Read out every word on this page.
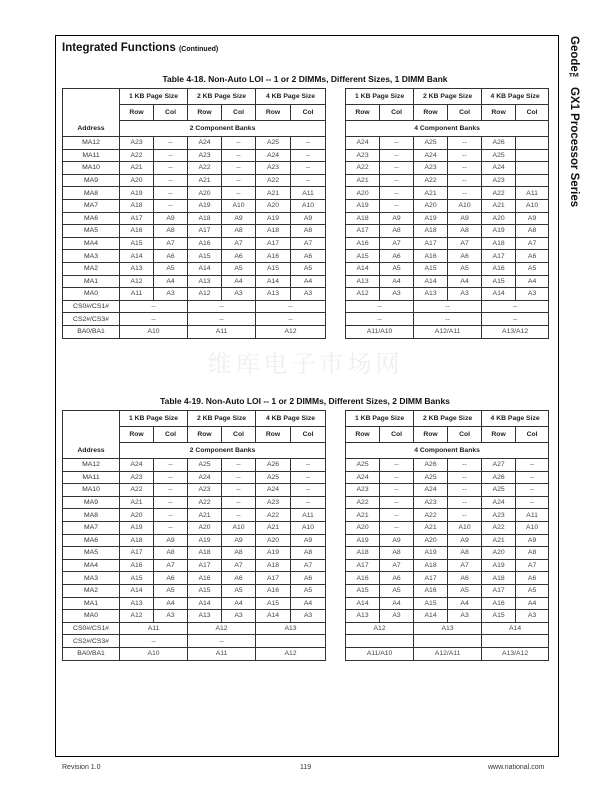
Geode™ GX1 Processor Series
Integrated Functions (Continued)
Table 4-18. Non-Auto LOI -- 1 or 2 DIMMs, Different Sizes, 1 DIMM Bank
Address	1 KB Page Size		2 KB Page Size		4 KB Page Size			1 KB Page Size		2 KB Page Size		4 KB Page Size	
	Row	Col	Row	Col	Row	Col		Row	Col	Row	Col	Row	Col
	2 Component Banks							4 Component Banks					
MA12	A23	--	A24	--	A25	--		A24	--	A25	--	A26	
MA11	A22	--	A23	--	A24	--		A23	--	A24	--	A25	
MA10	A21	--	A22	--	A23	--		A22	--	A23	--	A24	
MA9	A20	--	A21	--	A22	--		A21	--	A22	--	A23	
MA8	A19	--	A20	--	A21	A11		A20	--	A21	--	A22	A11
MA7	A18	--	A19	A10	A20	A10		A19	--	A20	A10	A21	A10
MA6	A17	A9	A18	A9	A19	A9		A18	A9	A19	A9	A20	A9
MA5	A16	A8	A17	A8	A18	A8		A17	A8	A18	A8	A19	A8
MA4	A15	A7	A16	A7	A17	A7		A16	A7	A17	A7	A18	A7
MA3	A14	A6	A15	A6	A16	A6		A15	A6	A16	A6	A17	A6
MA2	A13	A5	A14	A5	A15	A5		A14	A5	A15	A5	A16	A5
MA1	A12	A4	A13	A4	A14	A4		A13	A4	A14	A4	A15	A4
MA0	A11	A3	A12	A3	A13	A3		A12	A3	A13	A3	A14	A3
CS0#/CS1#	--		--		--			--		--		--	
CS2#/CS3#	--		--		--			--		--		--	
BA0/BA1	A10		A11		A12			A11/A10		A12/A11		A13/A12	
维库电子市场网
Table 4-19. Non-Auto LOI -- 1 or 2 DIMMs, Different Sizes, 2 DIMM Banks
Address	1 KB Page Size		2 KB Page Size		4 KB Page Size			1 KB Page Size		2 KB Page Size		4 KB Page Size	
	Row	Col	Row	Col	Row	Col		Row	Col	Row	Col	Row	Col
	2 Component Banks							4 Component Banks					
MA12	A24	--	A25	--	A26	--		A25	--	A26	--	A27	--
MA11	A23	--	A24	--	A25	--		A24	--	A25	--	A26	--
MA10	A22	--	A23	--	A24	--		A23	--	A24	--	A25	--
MA9	A21	--	A22	--	A23	--		A22	--	A23	--	A24	--
MA8	A20	--	A21	--	A22	A11		A21	--	A22	--	A23	A11
MA7	A19	--	A20	A10	A21	A10		A20	--	A21	A10	A22	A10
MA6	A18	A9	A19	A9	A20	A9		A19	A9	A20	A9	A21	A9
MA5	A17	A8	A18	A8	A19	A8		A18	A8	A19	A8	A20	A8
MA4	A16	A7	A17	A7	A18	A7		A17	A7	A18	A7	A19	A7
MA3	A15	A6	A16	A6	A17	A6		A16	A6	A17	A6	A18	A6
MA2	A14	A5	A15	A5	A16	A5		A15	A5	A16	A5	A17	A5
MA1	A13	A4	A14	A4	A15	A4		A14	A4	A15	A4	A16	A4
MA0	A12	A3	A13	A3	A14	A3		A13	A3	A14	A3	A15	A3
CS0#/CS1#	A11		A12		A13			A12		A13		A14	
CS2#/CS3#	--		--										
BA0/BA1	A10		A11		A12			A11/A10		A12/A11		A13/A12	
Revision 1.0	119	www.national.com
